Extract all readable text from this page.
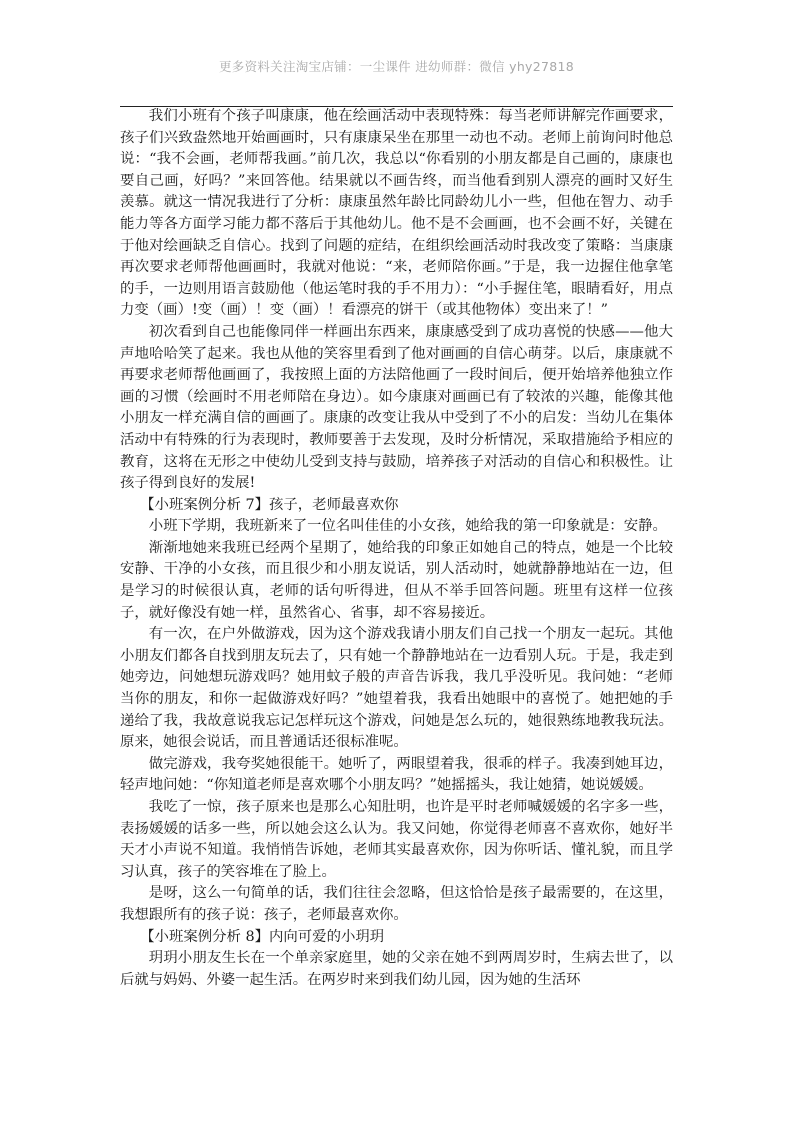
更多资料关注淘宝店铺：一尘课件 进幼师群：微信 yhy27818

我们小班有个孩子叫康康，他在绘画活动中表现特殊：每当老师讲解完作画要求，孩子们兴致盎然地开始画画时，只有康康呆坐在那里一动也不动。老师上前询问时他总说：“我不会画，老师帮我画。”前几次，我总以“你看别的小朋友都是自己画的，康康也要自己画，好吗？”来回答他。结果就以不画告终，而当他看到别人漂亮的画时又好生羡慕。就这一情况我进行了分析：康康虽然年龄比同龄幼儿小一些，但他在智力、动手能力等各方面学习能力都不落后于其他幼儿。他不是不会画画，也不会画不好，关键在于他对绘画缺乏自信心。找到了问题的症结，在组织绘画活动时我改变了策略：当康康再次要求老师帮他画画时，我就对他说：“来，老师陪你画。”于是，我一边握住他拿笔的手，一边则用语言鼓励他（他运笔时我的手不用力）：“小手握住笔，眼睛看好，用点力变（画）!变（画）！变（画）！看漂亮的饼干（或其他物体）变出来了！”

初次看到自己也能像同伴一样画出东西来，康康感受到了成功喜悦的快感——他大声地哈哈笑了起来。我也从他的笑容里看到了他对画画的自信心萌芽。以后，康康就不再要求老师帮他画画了，我按照上面的方法陪他画了一段时间后，便开始培养他独立作画的习惯（绘画时不用老师陪在身边）。如今康康对画画已有了较浓的兴趣，能像其他小朋友一样充满自信的画画了。康康的改变让我从中受到了不小的启发：当幼儿在集体活动中有特殊的行为表现时，教师要善于去发现，及时分析情况，采取措施给予相应的教育，这将在无形之中使幼儿受到支持与鼓励，培养孩子对活动的自信心和积极性。让孩子得到良好的发展!

【小班案例分析 7】孩子，老师最喜欢你

小班下学期，我班新来了一位名叫佳佳的小女孩，她给我的第一印象就是：安静。

渐渐地她来我班已经两个星期了，她给我的印象正如她自己的特点，她是一个比较安静、干净的小女孩，而且很少和小朋友说话，别人活动时，她就静静地站在一边，但是学习的时候很认真，老师的话句听得进，但从不举手回答问题。班里有这样一位孩子，就好像没有她一样，虽然省心、省事，却不容易接近。

有一次，在户外做游戏，因为这个游戏我请小朋友们自己找一个朋友一起玩。其他小朋友们都各自找到朋友玩去了，只有她一个静静地站在一边看别人玩。于是，我走到她旁边，问她想玩游戏吗？她用蚊子般的声音告诉我，我几乎没听见。我问她：“老师当你的朋友，和你一起做游戏好吗？”她望着我，我看出她眼中的喜悦了。她把她的手递给了我，我故意说我忘记怎样玩这个游戏，问她是怎么玩的，她很熟练地教我玩法。原来，她很会说话，而且普通话还很标准呢。

做完游戏，我夸奖她很能干。她听了，两眼望着我，很乖的样子。我凑到她耳边，轻声地问她：“你知道老师是喜欢哪个小朋友吗？”她摇摇头，我让她猜，她说媛媛。

我吃了一惊，孩子原来也是那么心知肚明，也许是平时老师喊媛媛的名字多一些，表扬媛媛的话多一些，所以她会这么认为。我又问她，你觉得老师喜不喜欢你，她好半天才小声说不知道。我悄悄告诉她，老师其实最喜欢你，因为你听话、懂礼貌，而且学习认真，孩子的笑容堆在了脸上。

是呀，这么一句简单的话，我们往往会忽略，但这恰恰是孩子最需要的，在这里，我想跟所有的孩子说：孩子，老师最喜欢你。

【小班案例分析 8】内向可爱的小玥玥

玥玥小朋友生长在一个单亲家庭里，她的父亲在她不到两周岁时，生病去世了，以后就与妈妈、外婆一起生活。在两岁时来到我们幼儿园，因为她的生活环
